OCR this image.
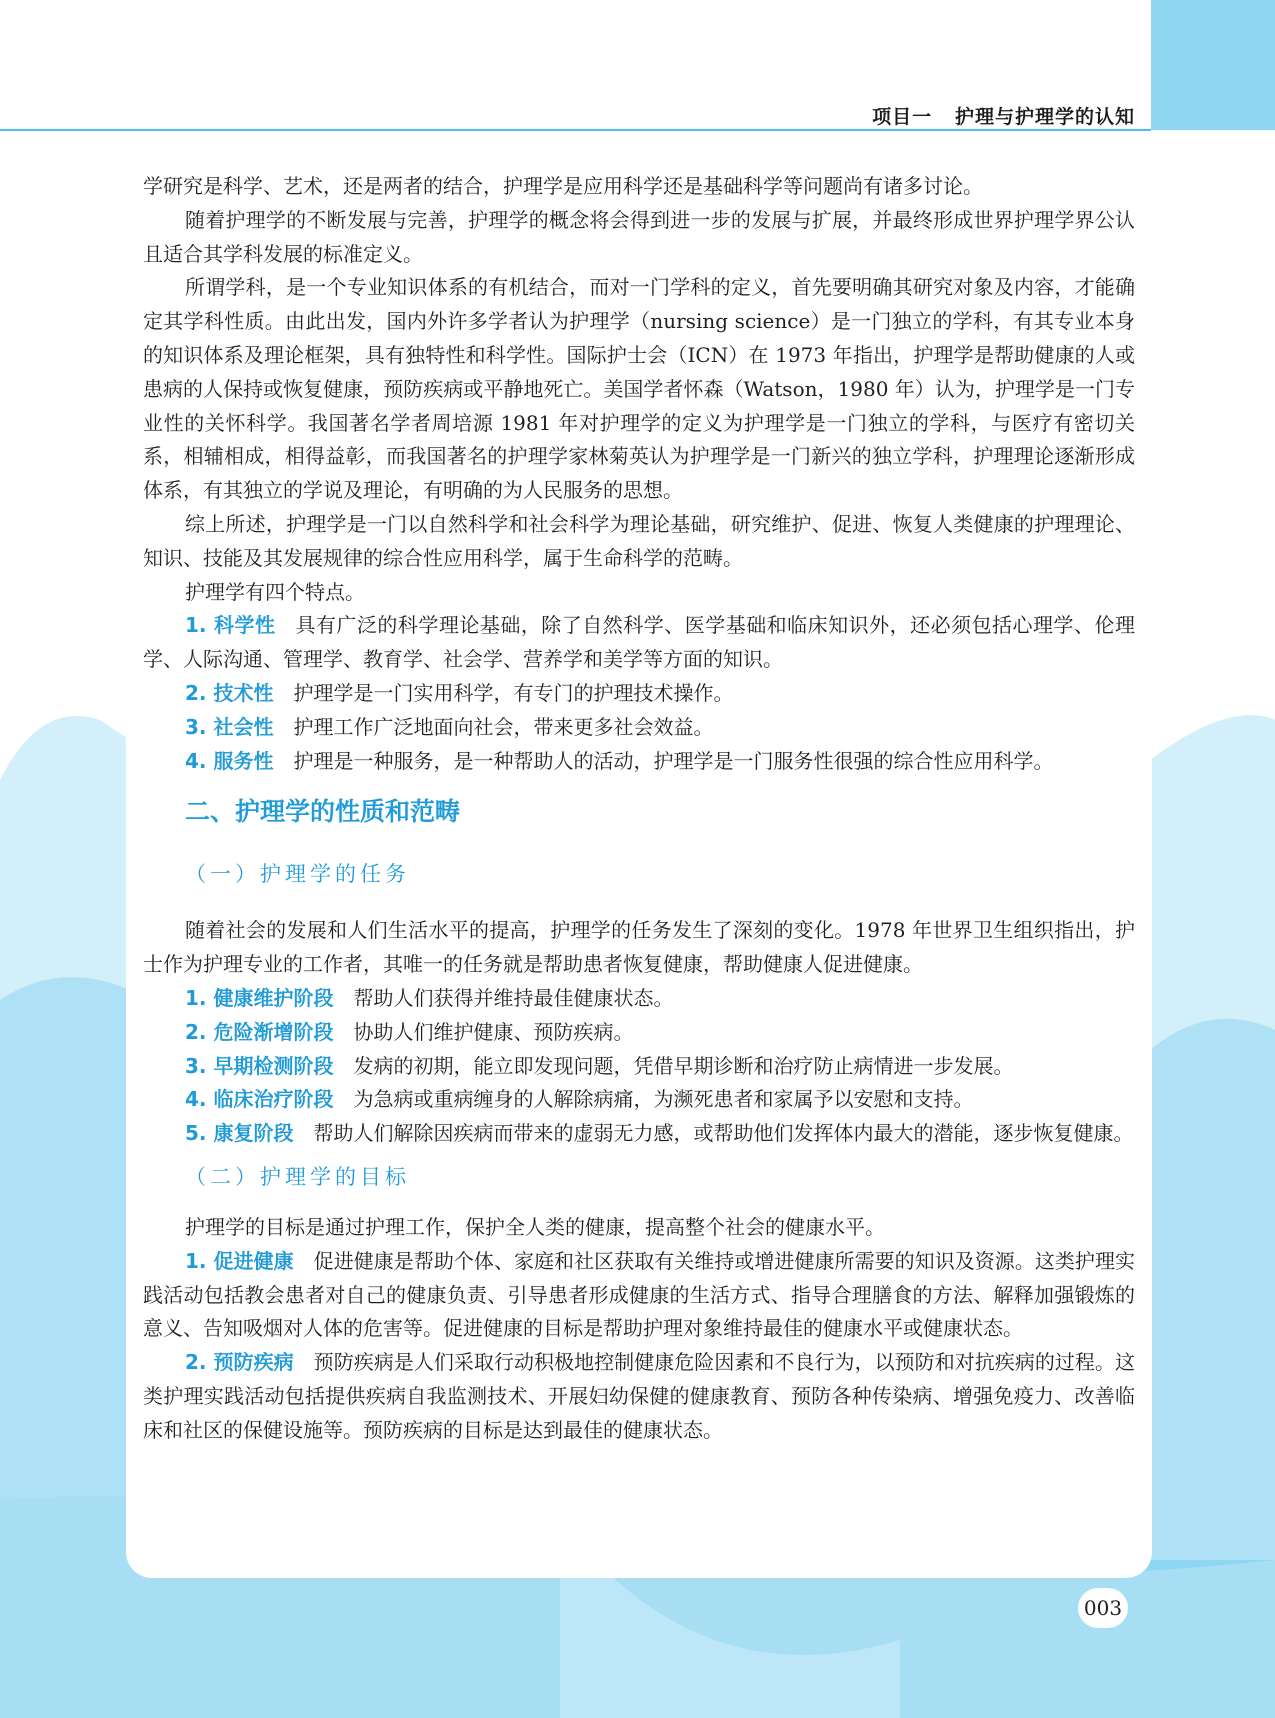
项目一   护理与护理学的认知

学研究是科学、艺术，还是两者的结合，护理学是应用科学还是基础科学等问题尚有诸多讨论。

随着护理学的不断发展与完善，护理学的概念将会得到进一步的发展与扩展，并最终形成世界护理学界公认且适合其学科发展的标准定义。

所谓学科，是一个专业知识体系的有机结合，而对一门学科的定义，首先要明确其研究对象及内容，才能确定其学科性质。由此出发，国内外许多学者认为护理学（nursing science）是一门独立的学科，有其专业本身的知识体系及理论框架，具有独特性和科学性。国际护士会（ICN）在 1973 年指出，护理学是帮助健康的人或患病的人保持或恢复健康，预防疾病或平静地死亡。美国学者怀森（Watson，1980 年）认为，护理学是一门专业性的关怀科学。我国著名学者周培源 1981 年对护理学的定义为护理学是一门独立的学科，与医疗有密切关系，相辅相成，相得益彰，而我国著名的护理学家林菊英认为护理学是一门新兴的独立学科，护理理论逐渐形成体系，有其独立的学说及理论，有明确的为人民服务的思想。

综上所述，护理学是一门以自然科学和社会科学为理论基础，研究维护、促进、恢复人类健康的护理理论、知识、技能及其发展规律的综合性应用科学，属于生命科学的范畴。

护理学有四个特点。

1. 科学性 具有广泛的科学理论基础，除了自然科学、医学基础和临床知识外，还必须包括心理学、伦理学、人际沟通、管理学、教育学、社会学、营养学和美学等方面的知识。

2. 技术性 护理学是一门实用科学，有专门的护理技术操作。

3. 社会性 护理工作广泛地面向社会，带来更多社会效益。

4. 服务性 护理是一种服务，是一种帮助人的活动，护理学是一门服务性很强的综合性应用科学。

二、护理学的性质和范畴
（一）护理学的任务

随着社会的发展和人们生活水平的提高，护理学的任务发生了深刻的变化。1978 年世界卫生组织指出，护士作为护理专业的工作者，其唯一的任务就是帮助患者恢复健康，帮助健康人促进健康。

1. 健康维护阶段 帮助人们获得并维持最佳健康状态。

2. 危险渐增阶段 协助人们维护健康、预防疾病。

3. 早期检测阶段 发病的初期，能立即发现问题，凭借早期诊断和治疗防止病情进一步发展。

4. 临床治疗阶段 为急病或重病缠身的人解除病痛，为濒死患者和家属予以安慰和支持。

5. 康复阶段 帮助人们解除因疾病而带来的虚弱无力感，或帮助他们发挥体内最大的潜能，逐步恢复健康。

（二）护理学的目标

护理学的目标是通过护理工作，保护全人类的健康，提高整个社会的健康水平。

1. 促进健康 促进健康是帮助个体、家庭和社区获取有关维持或增进健康所需要的知识及资源。这类护理实践活动包括教会患者对自己的健康负责、引导患者形成健康的生活方式、指导合理膳食的方法、解释加强锻炼的意义、告知吸烟对人体的危害等。促进健康的目标是帮助护理对象维持最佳的健康水平或健康状态。

2. 预防疾病 预防疾病是人们采取行动积极地控制健康危险因素和不良行为，以预防和对抗疾病的过程。这类护理实践活动包括提供疾病自我监测技术、开展妇幼保健的健康教育、预防各种传染病、增强免疫力、改善临床和社区的保健设施等。预防疾病的目标是达到最佳的健康状态。

003
